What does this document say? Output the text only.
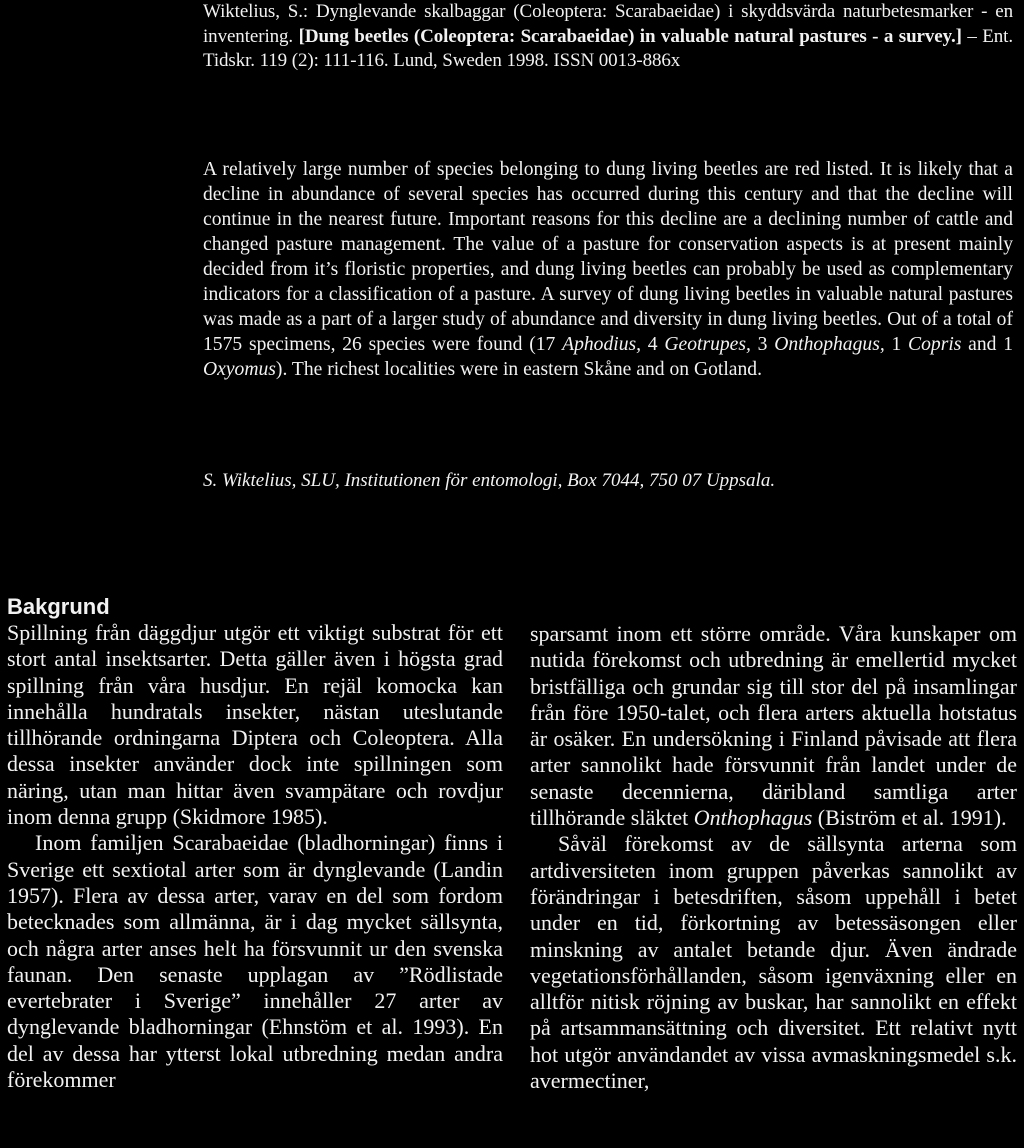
Wiktelius, S.: Dynglevande skalbaggar (Coleoptera: Scarabaeidae) i skyddsvärda naturbetesmarker - en inventering. [Dung beetles (Coleoptera: Scarabaeidae) in valuable natural pastures - a survey.] – Ent. Tidskr. 119 (2): 111-116. Lund, Sweden 1998. ISSN 0013-886x

A relatively large number of species belonging to dung living beetles are red listed. It is likely that a decline in abundance of several species has occurred during this century and that the decline will continue in the nearest future. Important reasons for this decline are a declining number of cattle and changed pasture management. The value of a pasture for conservation aspects is at present mainly decided from it’s floristic properties, and dung living beetles can probably be used as complementary indicators for a classification of a pasture. A survey of dung living beetles in valuable natural pastures was made as a part of a larger study of abundance and diversity in dung living beetles. Out of a total of 1575 specimens, 26 species were found (17 Aphodius, 4 Geotrupes, 3 Onthophagus, 1 Copris and 1 Oxyomus). The richest localities were in eastern Skåne and on Gotland.

S. Wiktelius, SLU, Institutionen för entomologi, Box 7044, 750 07 Uppsala.
Bakgrund

Spillning från däggdjur utgör ett viktigt substrat för ett stort antal insektsarter. Detta gäller även i högsta grad spillning från våra husdjur. En rejäl komocka kan innehålla hundratals insekter, nästan uteslutande tillhörande ordningarna Diptera och Coleoptera. Alla dessa insekter använder dock inte spillningen som näring, utan man hittar även svampätare och rovdjur inom denna grupp (Skidmore 1985).

Inom familjen Scarabaeidae (bladhorningar) finns i Sverige ett sextiotal arter som är dynglevande (Landin 1957). Flera av dessa arter, varav en del som fordom betecknades som allmänna, är i dag mycket sällsynta, och några arter anses helt ha försvunnit ur den svenska faunan. Den senaste upplagan av ”Rödlistade evertebrater i Sverige” innehåller 27 arter av dynglevande bladhorningar (Ehnstöm et al. 1993). En del av dessa har ytterst lokal utbredning medan andra förekommer

sparsamt inom ett större område. Våra kunskaper om nutida förekomst och utbredning är emellertid mycket bristfälliga och grundar sig till stor del på insamlingar från före 1950-talet, och flera arters aktuella hotstatus är osäker. En undersökning i Finland påvisade att flera arter sannolikt hade försvunnit från landet under de senaste decennierna, däribland samtliga arter tillhörande släktet Onthophagus (Biström et al. 1991).

Såväl förekomst av de sällsynta arterna som artdiversiteten inom gruppen påverkas sannolikt av förändringar i betesdriften, såsom uppehåll i betet under en tid, förkortning av betessäsongen eller minskning av antalet betande djur. Även ändrade vegetationsförhållanden, såsom igenväxning eller en alltför nitisk röjning av buskar, har sannolikt en effekt på artsammansättning och diversitet. Ett relativt nytt hot utgör användandet av vissa avmaskningsmedel s.k. avermectiner,
